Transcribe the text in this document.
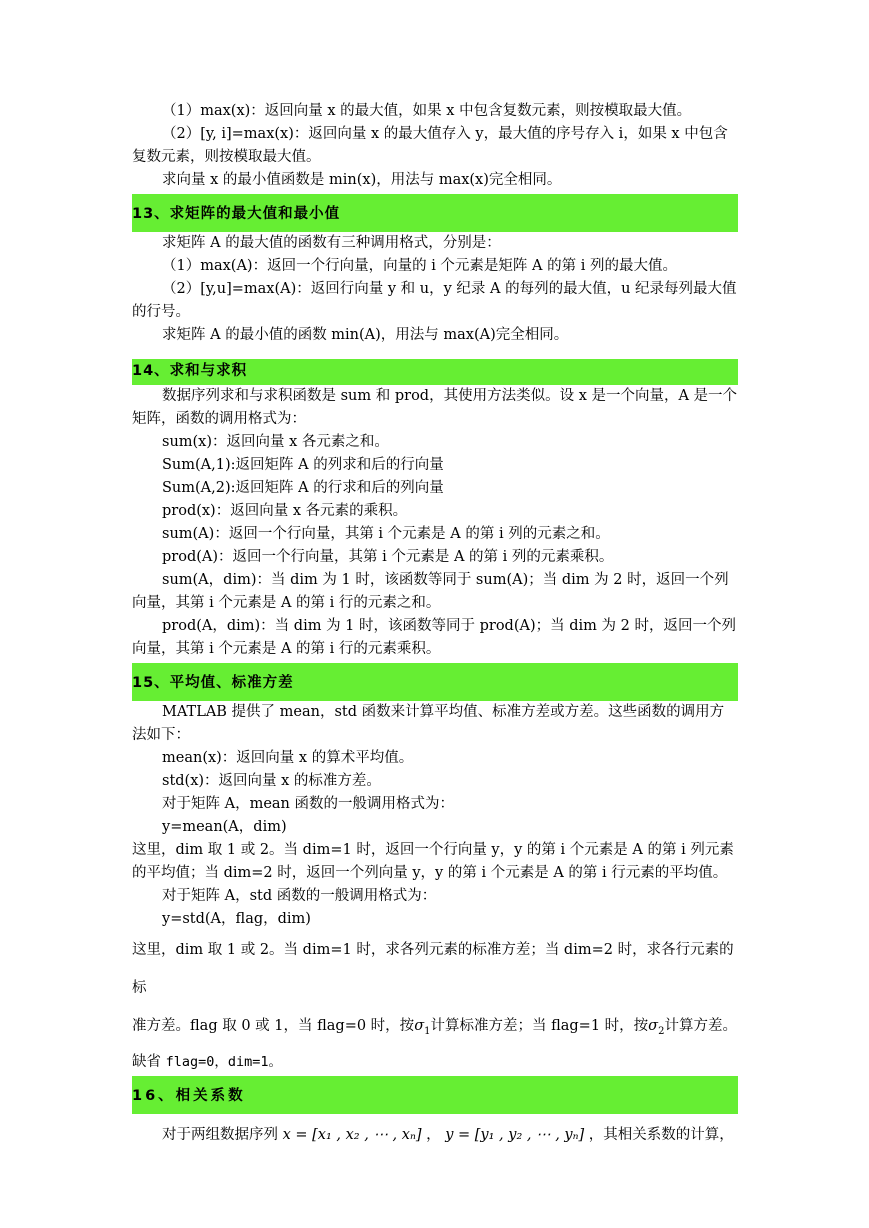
（1）max(x)：返回向量 x 的最大值，如果 x 中包含复数元素，则按模取最大值。

（2）[y, i]=max(x)：返回向量 x 的最大值存入 y，最大值的序号存入 i，如果 x 中包含复数元素，则按模取最大值。

求向量 x 的最小值函数是 min(x)，用法与 max(x)完全相同。

13、求矩阵的最大值和最小值

求矩阵 A 的最大值的函数有三种调用格式，分别是：

（1）max(A)：返回一个行向量，向量的 i 个元素是矩阵 A 的第 i 列的最大值。

（2）[y,u]=max(A)：返回行向量 y 和 u，y 纪录 A 的每列的最大值，u 纪录每列最大值的行号。

求矩阵 A 的最小值的函数 min(A)，用法与 max(A)完全相同。

14、求和与求积

数据序列求和与求积函数是 sum 和 prod，其使用方法类似。设 x 是一个向量，A 是一个矩阵，函数的调用格式为：

sum(x)：返回向量 x 各元素之和。

Sum(A,1):返回矩阵 A 的列求和后的行向量

Sum(A,2):返回矩阵 A 的行求和后的列向量

prod(x)：返回向量 x 各元素的乘积。

sum(A)：返回一个行向量，其第 i 个元素是 A 的第 i 列的元素之和。

prod(A)：返回一个行向量，其第 i 个元素是 A 的第 i 列的元素乘积。

sum(A，dim)：当 dim 为 1 时，该函数等同于 sum(A)；当 dim 为 2 时，返回一个列向量，其第 i 个元素是 A 的第 i 行的元素之和。

prod(A，dim)：当 dim 为 1 时，该函数等同于 prod(A)；当 dim 为 2 时，返回一个列向量，其第 i 个元素是 A 的第 i 行的元素乘积。

15、平均值、标准方差

MATLAB 提供了 mean，std 函数来计算平均值、标准方差或方差。这些函数的调用方法如下：

mean(x)：返回向量 x 的算术平均值。

std(x)：返回向量 x 的标准方差。

对于矩阵 A，mean 函数的一般调用格式为：

y=mean(A，dim)

这里，dim 取 1 或 2。当 dim=1 时，返回一个行向量 y，y 的第 i 个元素是 A 的第 i 列元素的平均值；当 dim=2 时，返回一个列向量 y，y 的第 i 个元素是 A 的第 i 行元素的平均值。

对于矩阵 A，std 函数的一般调用格式为：

y=std(A，flag，dim)

这里，dim 取 1 或 2。当 dim=1 时，求各列元素的标准方差；当 dim=2 时，求各行元素的标

准方差。flag 取 0 或 1，当 flag=0 时，按$\sigma_1$计算标准方差；当 flag=1 时，按$\sigma_2$计算方差。

缺省 flag=0，dim=1。

16、相关系数

对于两组数据序列 x = [x₁ , x₂ , ⋯ , xₙ] ， y = [y₁ , y₂ , ⋯ , yₙ] ，其相关系数的计算，
